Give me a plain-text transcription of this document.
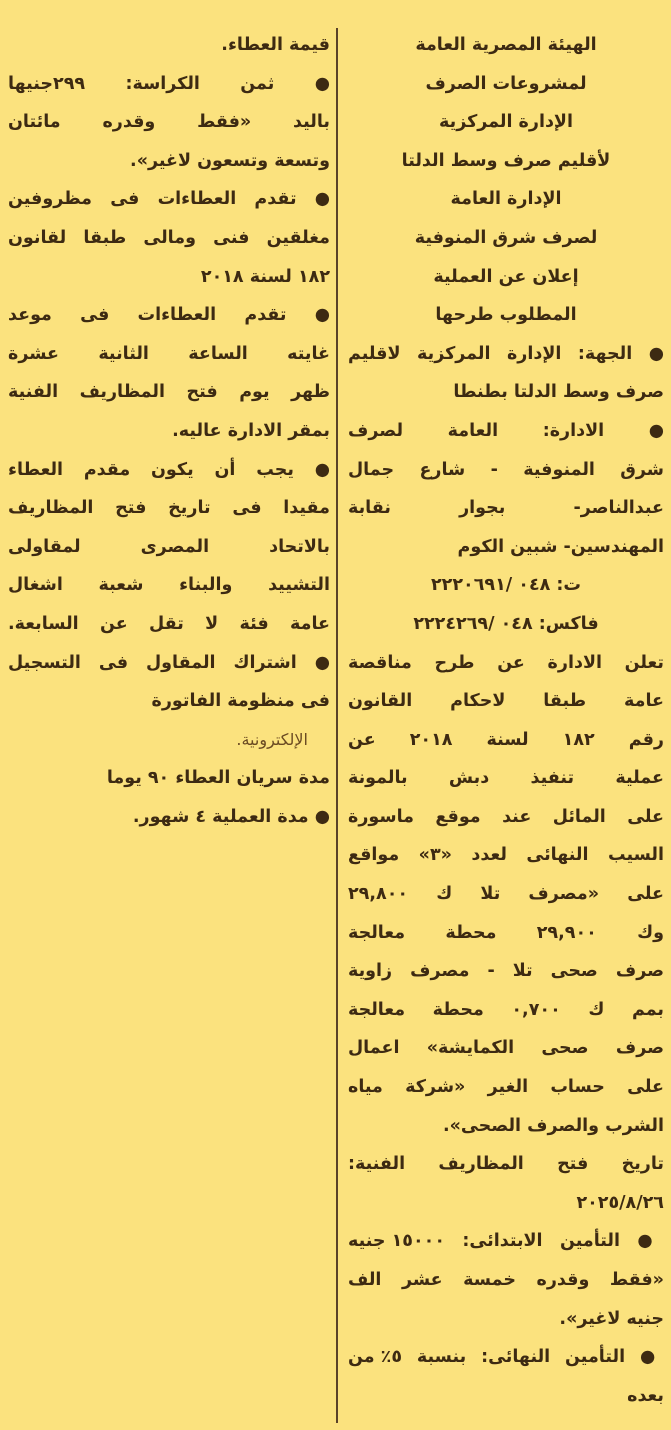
الهيئة المصرية العامة
لمشروعات الصرف
الإدارة المركزية
لأقليم صرف وسط الدلتا
الإدارة العامة
لصرف شرق المنوفية
إعلان عن العملية
المطلوب طرحها
● الجهة: الإدارة المركزية لاقليم
صرف وسط الدلتا بطنطا
● الادارة: العامة لصرف
شرق المنوفية - شارع جمال
عبدالناصر- بجوار نقابة
المهندسين- شبين الكوم
ت: ٠٤٨ /٢٢٢٠٦٩١
فاكس: ٠٤٨ /٢٢٢٤٢٦٩
تعلن الادارة عن طرح مناقصة
عامة طبقا لاحكام القانون
رقم ١٨٢ لسنة ٢٠١٨ عن
عملية تنفيذ دبش بالمونة
على المائل عند موقع ماسورة
السيب النهائى لعدد «٣» مواقع
على «مصرف تلا ك ٢٩,٨٠٠
وك ٢٩,٩٠٠ محطة معالجة
صرف صحى تلا - مصرف زاوية
بمم ك ٠,٧٠٠ محطة معالجة
صرف صحى الكمايشة» اعمال
على حساب الغير «شركة مياه
الشرب والصرف الصحى».
تاريخ فتح المظاريف الفنية:
٢٠٢٥/٨/٢٦
● التأمين الابتدائى: ١٥٠٠٠ جنيه
«فقط وقدره خمسة عشر الف
جنيه لاغير».
● التأمين النهائى: بنسبة ٥٪ من
بعده
قيمة العطاء.
● ثمن الكراسة: ٢٩٩جنيها
باليد «فقط وقدره مائتان
وتسعة وتسعون لاغير».
● تقدم العطاءات فى مظروفين
مغلقين فنى ومالى طبقا لقانون
١٨٢ لسنة ٢٠١٨
● تقدم العطاءات فى موعد
غايته الساعة الثانية عشرة
ظهر يوم فتح المظاريف الفنية
بمقر الادارة عاليه.
● يجب أن يكون مقدم العطاء
مقيدا فى تاريخ فتح المظاريف
بالاتحاد المصرى لمقاولى
التشييد والبناء شعبة اشغال
عامة فئة لا تقل عن السابعة.
● اشتراك المقاول فى التسجيل
فى منظومة الفاتورة
الإلكترونية.
مدة سريان العطاء ٩٠ يوما
● مدة العملية ٤ شهور.
